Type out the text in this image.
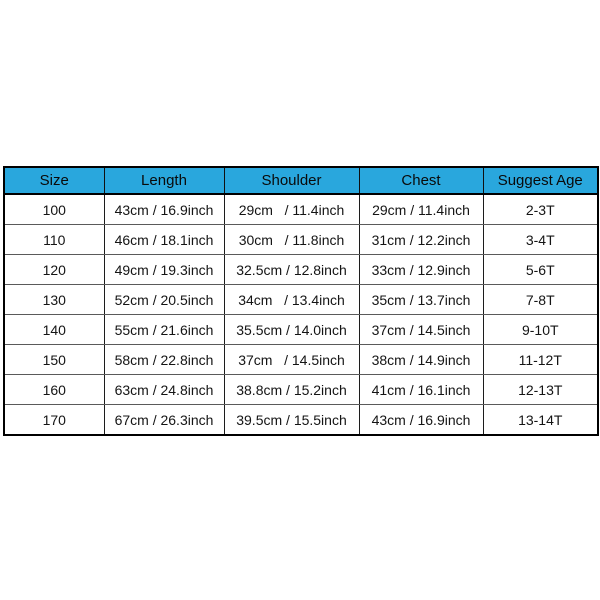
Size	Length	Shoulder	Chest	Suggest Age
100	43cm / 16.9inch	29cm   / 11.4inch	29cm / 11.4inch	2-3T
110	46cm / 18.1inch	30cm   / 11.8inch	31cm / 12.2inch	3-4T
120	49cm / 19.3inch	32.5cm / 12.8inch	33cm / 12.9inch	5-6T
130	52cm / 20.5inch	34cm   / 13.4inch	35cm / 13.7inch	7-8T
140	55cm / 21.6inch	35.5cm / 14.0inch	37cm / 14.5inch	9-10T
150	58cm / 22.8inch	37cm   / 14.5inch	38cm / 14.9inch	11-12T
160	63cm / 24.8inch	38.8cm / 15.2inch	41cm / 16.1inch	12-13T
170	67cm / 26.3inch	39.5cm / 15.5inch	43cm / 16.9inch	13-14T
